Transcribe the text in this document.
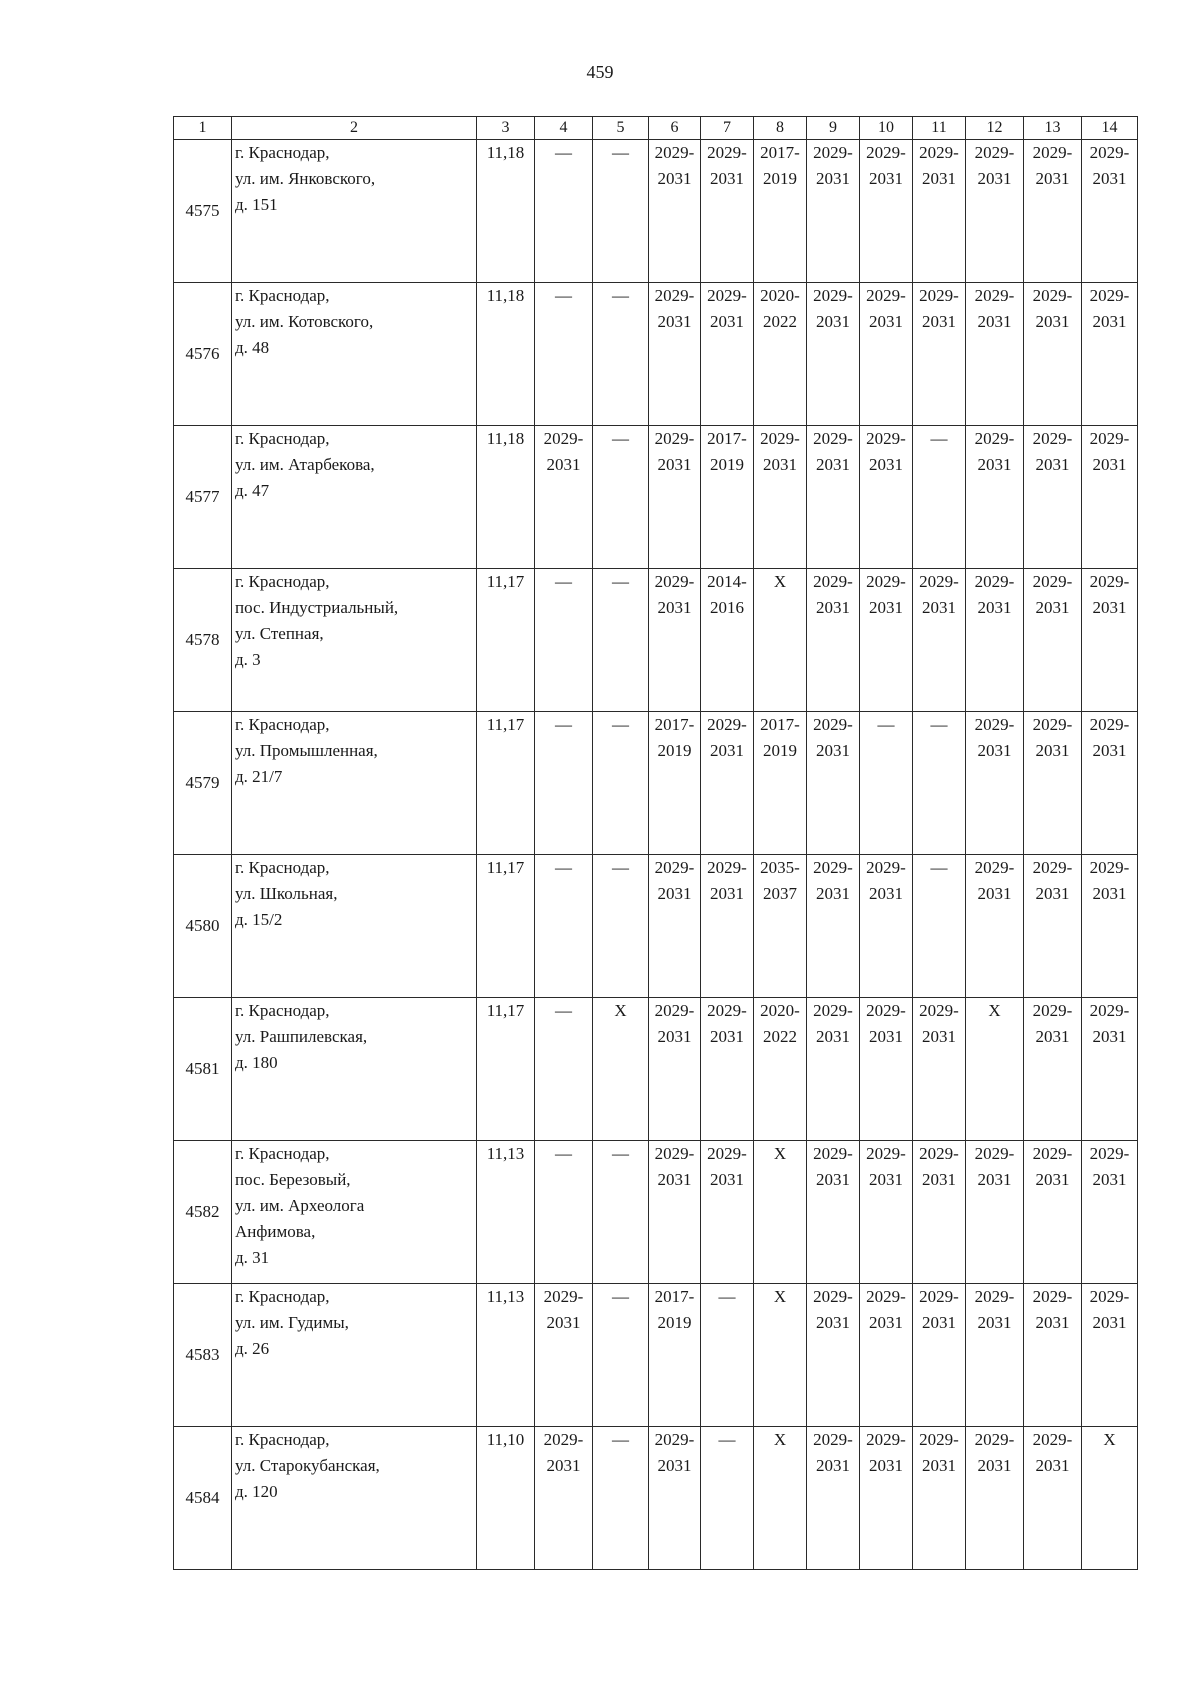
459
1	2	3	4	5	6	7	8	9	10	11	12	13	14
4575	г. Краснодар,
ул. им. Янковского,
д. 151	11,18	—	—	2029-
2031	2029-
2031	2017-
2019	2029-
2031	2029-
2031	2029-
2031	2029-
2031	2029-
2031	2029-
2031
4576	г. Краснодар,
ул. им. Котовского,
д. 48	11,18	—	—	2029-
2031	2029-
2031	2020-
2022	2029-
2031	2029-
2031	2029-
2031	2029-
2031	2029-
2031	2029-
2031
4577	г. Краснодар,
ул. им. Атарбекова,
д. 47	11,18	2029-
2031	—	2029-
2031	2017-
2019	2029-
2031	2029-
2031	2029-
2031	—	2029-
2031	2029-
2031	2029-
2031
4578	г. Краснодар,
пос. Индустриальный,
ул. Степная,
д. 3	11,17	—	—	2029-
2031	2014-
2016	X	2029-
2031	2029-
2031	2029-
2031	2029-
2031	2029-
2031	2029-
2031
4579	г. Краснодар,
ул. Промышленная,
д. 21/7	11,17	—	—	2017-
2019	2029-
2031	2017-
2019	2029-
2031	—	—	2029-
2031	2029-
2031	2029-
2031
4580	г. Краснодар,
ул. Школьная,
д. 15/2	11,17	—	—	2029-
2031	2029-
2031	2035-
2037	2029-
2031	2029-
2031	—	2029-
2031	2029-
2031	2029-
2031
4581	г. Краснодар,
ул. Рашпилевская,
д. 180	11,17	—	X	2029-
2031	2029-
2031	2020-
2022	2029-
2031	2029-
2031	2029-
2031	X	2029-
2031	2029-
2031
4582	г. Краснодар,
пос. Березовый,
ул. им. Археолога
Анфимова,
д. 31	11,13	—	—	2029-
2031	2029-
2031	X	2029-
2031	2029-
2031	2029-
2031	2029-
2031	2029-
2031	2029-
2031
4583	г. Краснодар,
ул. им. Гудимы,
д. 26	11,13	2029-
2031	—	2017-
2019	—	X	2029-
2031	2029-
2031	2029-
2031	2029-
2031	2029-
2031	2029-
2031
4584	г. Краснодар,
ул. Старокубанская,
д. 120	11,10	2029-
2031	—	2029-
2031	—	X	2029-
2031	2029-
2031	2029-
2031	2029-
2031	2029-
2031	X
